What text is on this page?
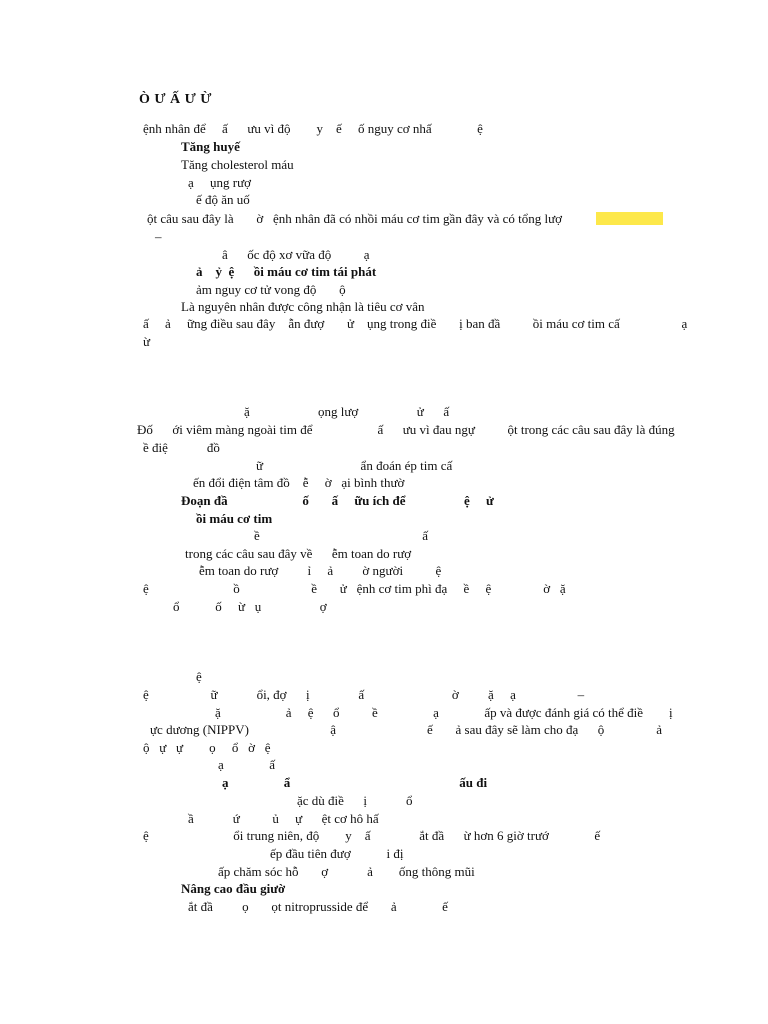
Ò Ư Ấ Ư Ừ
ệnh nhân để     ấ      ưu vì độ        y    ế     ố nguy cơ nhấ              ệ
Tăng huyế
Tăng cholesterol máu
ạ     ụng rượ
ế độ ăn uố
ột câu sau đây là       ờ   ệnh nhân đã có nhồi máu cơ tim gần đây và có tổng lượ
–
â      ốc độ xơ vữa độ          ạ
ả    ỷ  ệ      ồi máu cơ tim tái phát
ảm nguy cơ tử vong độ       ộ
Là nguyên nhân được công nhận là tiêu cơ vân
ấ     ả     ững điều sau đây    ẫn đượ       ử    ụng trong điề       ị ban đầ          ồi máu cơ tim cấ                   ạ
ừ
ặ                     ọng lượ                  ử      ấ
Đố      ới viêm màng ngoài tim để                    ấ      ưu vì đau ngự          ột trong các câu sau đây là đúng
ề điệ            đồ
ữ                              ẩn đoán ép tim cấ
ến đổi điện tâm đồ    ễ     ờ   ại bình thườ
Đoạn đầ                       ố       ấ     ữu ích để                  ệ     ử
ồi máu cơ tim
ề                                                  ấ
trong các câu sau đây về      ễm toan do rượ
ễm toan do rượ         ỉ     ả         ờ người          ệ
ệ                          ồ                      ề       ử   ệnh cơ tim phì đạ     ề     ệ                ờ   ặ
ổ           ố     ừ   ụ                  ợ
ệ
ệ                   ữ            ổi, đợ      ị               ấ                           ờ         ặ     ạ                   –
ặ                    ả     ệ      ổ          ề                 ạ              ấp và được đánh giá có thể điề        ị
ực dương (NIPPV)                         ậ                            ế       ả sau đây sẽ làm cho đạ      ộ                ả
ộ   ự   ự        ọ     ổ   ờ   ệ
ạ              ấ
ạ                 ẩ                                                    ấu đi
ặc dù điề      ị            ổ
ầ            ứ          ủ     ự      ệt cơ hô hấ
ệ                          ổi trung niên, độ        y    ấ               ắt đầ      ừ hơn 6 giờ trướ              ế
ếp đầu tiên đượ           i đị
ấp chăm sóc hỗ       ợ            ả        ống thông mũi
Nâng cao đầu giườ
ắt đầ         ọ       ọt nitroprusside để       ả              ế
